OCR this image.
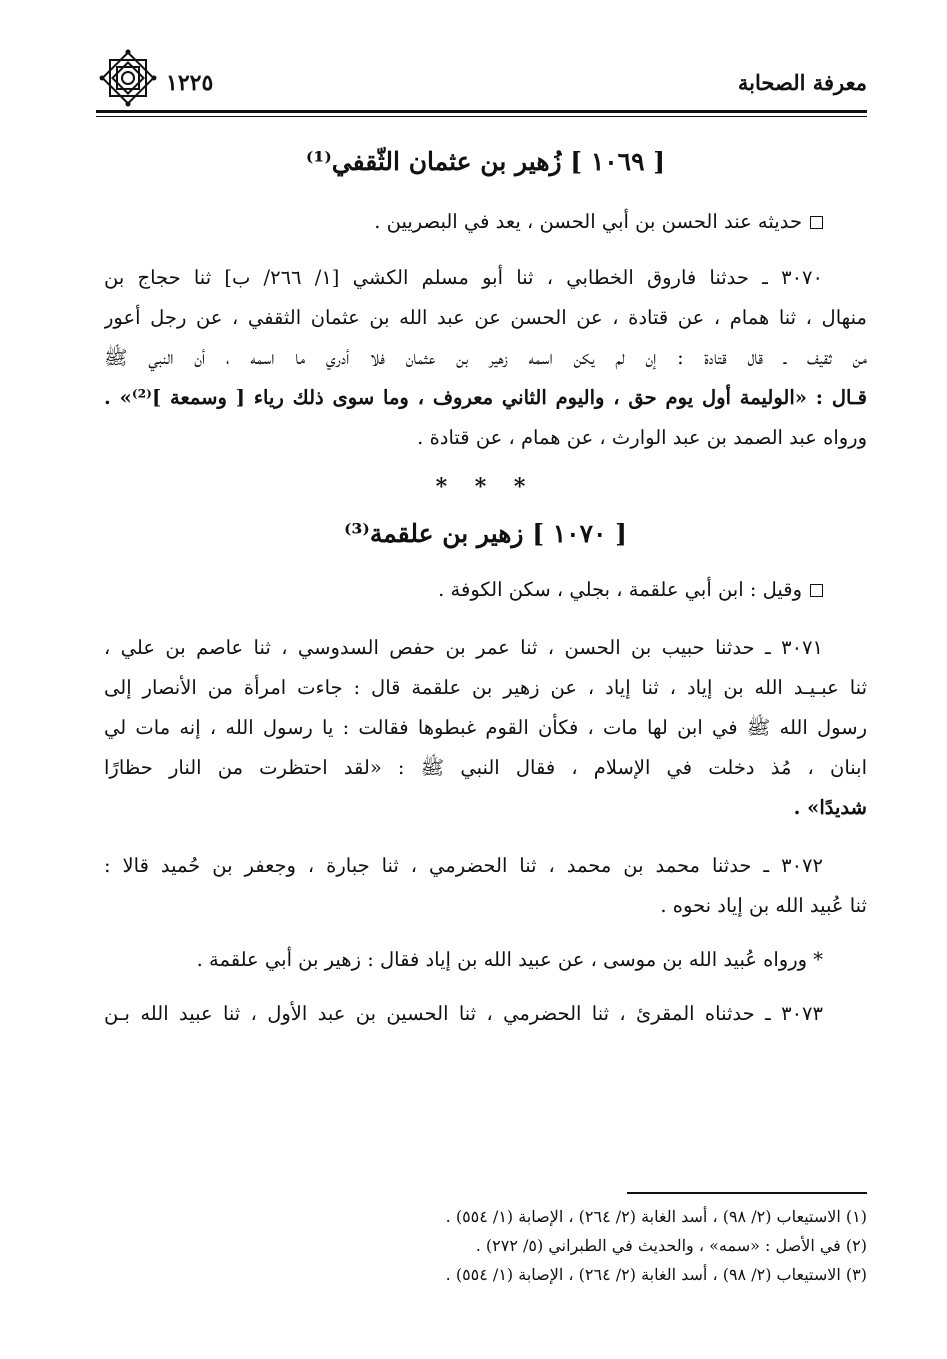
معرفة الصحابة
١٢٢٥
[ ١٠٦٩ ] زُهير بن عثمان الثّقفي⁽¹⁾
حديثه عند الحسن بن أبي الحسن ، يعد في البصريين .
٣٠٧٠ ـ حدثنا فاروق الخطابي ، ثنا أبو مسلم الكشي [١/ ٢٦٦/ ب] ثنا حجاج بن
منهال ، ثنا همام ، عن قتادة ، عن الحسن عن عبد الله بن عثمان الثقفي ، عن رجل أعور
من ثقيف ـ قال قتادة : إن لم يكن اسمه زهير بن عثمان فلا أدري ما اسمه ، أن النبي ﷺ
قـال : «الوليمة أول يوم حق ، واليوم الثاني معروف ، وما سوى ذلك رياء [ وسمعة ]⁽²⁾» .
ورواه عبد الصمد بن عبد الوارث ، عن همام ، عن قتادة .
* * *
[ ١٠٧٠ ] زهير بن علقمة⁽³⁾
وقيل : ابن أبي علقمة ، بجلي ، سكن الكوفة .
٣٠٧١ ـ حدثنا حبيب بن الحسن ، ثنا عمر بن حفص السدوسي ، ثنا عاصم بن علي ،
ثنا عبـيـد الله بن إياد ، ثنا إياد ، عن زهير بن علقمة قال : جاءت امرأة من الأنصار إلى
رسول الله ﷺ في ابن لها مات ، فكأن القوم غبطوها فقالت : يا رسول الله ، إنه مات لي
ابنان ، مُذ دخلت في الإسلام ، فقال النبي ﷺ : «لقد احتظرت من النار حظارًا
شديدًا» .
٣٠٧٢ ـ حدثنا محمد بن محمد ، ثنا الحضرمي ، ثنا جبارة ، وجعفر بن حُميد قالا :
ثنا عُبيد الله بن إياد نحوه .
* ورواه عُبيد الله بن موسى ، عن عبيد الله بن إياد فقال : زهير بن أبي علقمة .
٣٠٧٣ ـ حدثناه المقرئ ، ثنا الحضرمي ، ثنا الحسين بن عبد الأول ، ثنا عبيد الله بـن
(١) الاستيعاب (٢/ ٩٨) ، أسد الغابة (٢/ ٢٦٤) ، الإصابة (١/ ٥٥٤) .
(٢) في الأصل : «سمه» ، والحديث في الطبراني (٥/ ٢٧٢) .
(٣) الاستيعاب (٢/ ٩٨) ، أسد الغابة (٢/ ٢٦٤) ، الإصابة (١/ ٥٥٤) .
